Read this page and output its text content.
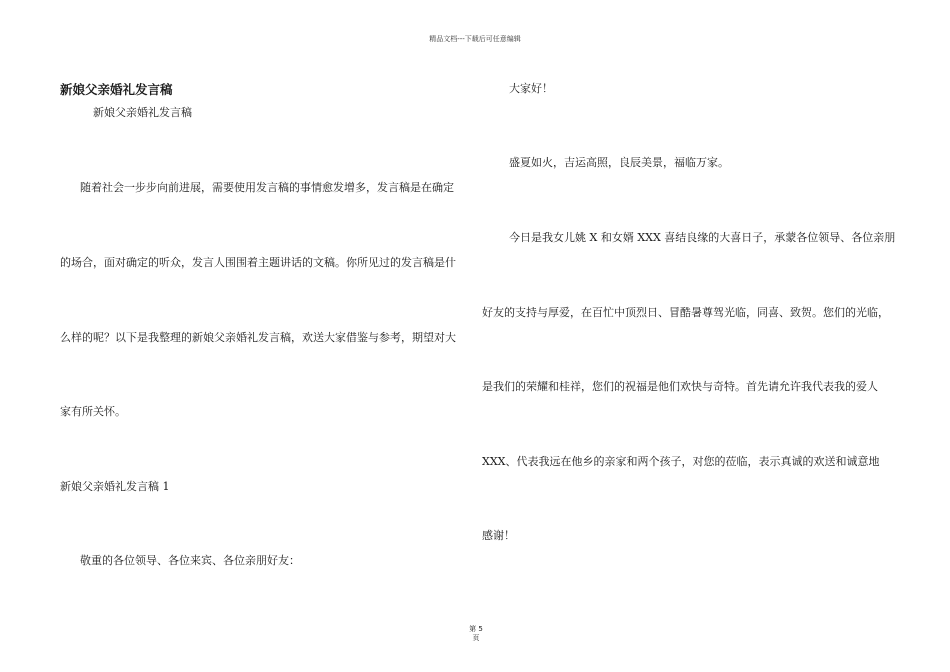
精品文档---下载后可任意编辑
新娘父亲婚礼发言稿
新娘父亲婚礼发言稿
随着社会一步步向前进展，需要使用发言稿的事情愈发增多，发言稿是在确定
的场合，面对确定的听众，发言人围围着主题讲话的文稿。你所见过的发言稿是什
么样的呢？以下是我整理的新娘父亲婚礼发言稿，欢送大家借鉴与参考，期望对大
家有所关怀。
新娘父亲婚礼发言稿 1
敬重的各位领导、各位来宾、各位亲朋好友：
大家好！
盛夏如火，吉运高照，良辰美景，福临万家。
今日是我女儿姚 X 和女婿 XXX 喜结良缘的大喜日子，承蒙各位领导、各位亲朋
好友的支持与厚爱，在百忙中顶烈日、冒酷暑尊驾光临，同喜、致贺。您们的光临，
是我们的荣耀和桂祥，您们的祝福是他们欢快与奇特。首先请允许我代表我的爱人
XXX、代表我远在他乡的亲家和两个孩子，对您的莅临，表示真诚的欢送和诚意地
感谢！
第 5
页
